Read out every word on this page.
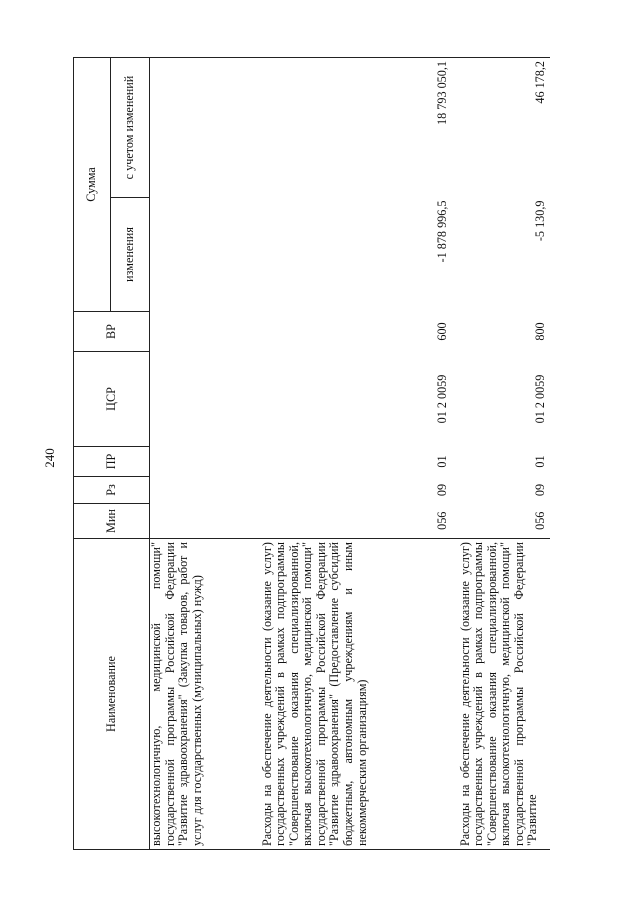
240
Наименование	Мин	Рз	ПР	ЦСР	ВР	Сумма	
						изменения	с учетом изменений
высокотехнологичную, медицинской помощи" государственной программы Российской Федерации "Развитие здравоохранения" (Закупка товаров, работ и услуг для государственных (муниципальных) нужд)							
Расходы на обеспечение деятельности (оказание услуг) государственных учреждений в рамках подпрограммы "Совершенствование оказания специализированной, включая высокотехнологичную, медицинской помощи" государственной программы Российской Федерации "Развитие здравоохранения" (Предоставление субсидий бюджетным, автономным учреждениям и иным некоммерческим организациям)	056	09	01	01 2 0059	600	-1 878 996,5	18 793 050,1
Расходы на обеспечение деятельности (оказание услуг) государственных учреждений в рамках подпрограммы "Совершенствование оказания специализированной, включая высокотехнологичную, медицинской помощи" государственной программы Российской Федерации "Развитие	056	09	01	01 2 0059	800	-5 130,9	46 178,2
